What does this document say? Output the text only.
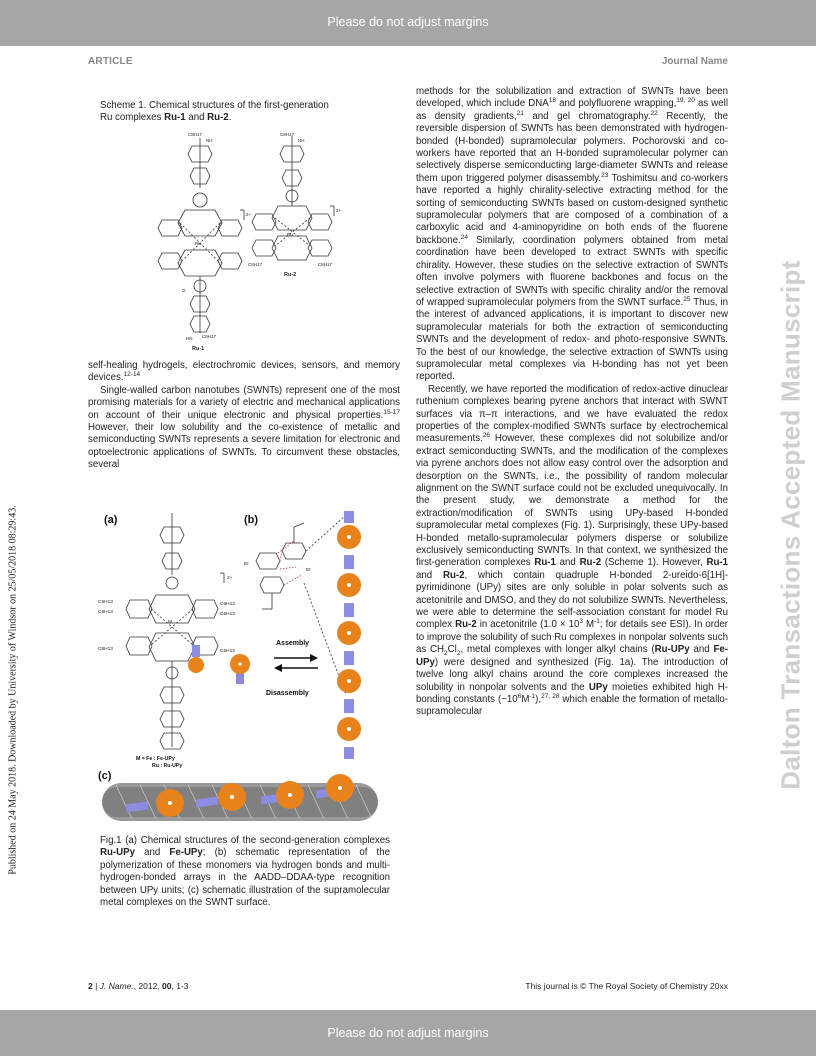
Please do not adjust margins
ARTICLE	Journal Name
Published on 24 May 2018. Downloaded by University of Windsor on 25/05/2018 08:29:43.	Dalton Transactions Accepted Manuscript
Scheme 1. Chemical structures of the first-generation Ru complexes Ru-1 and Ru-2.
C8H17
NH
Ru
2+
HN C8H17
O
C8H17
NH
Ru
2+
C8H17	C8H17
Ru-1
Ru-2

self-healing hydrogels, electrochromic devices, sensors, and memory devices.$^{12-14}$

Single-walled carbon nanotubes (SWNTs) represent one of the most promising materials for a variety of electric and mechanical applications on account of their unique electronic and physical properties.$^{15-17}$ However, their low solubility and the co-existence of metallic and semiconducting SWNTs represents a severe limitation for electronic and optoelectronic applications of SWNTs. To circumvent these obstacles, several

(a)	(b)
(c)
Assembly
Disassembly
M
2+
C6H13
C6H13
C6H13
C6H13
C6H13
C6H13
Et
Et
M = Fe : Fe-UPy
Ru : Ru-UPy
Fig.1 (a) Chemical structures of the second-generation complexes Ru-UPy and Fe-UPy; (b) schematic representation of the polymerization of these monomers via hydrogen bonds and multi-hydrogen-bonded arrays in the AADD–DDAA-type recognition between UPy units; (c) schematic illustration of the supramolecular metal complexes on the SWNT surface.

methods for the solubilization and extraction of SWNTs have been developed, which include DNA$^{18}$ and polyfluorene wrapping,$^{19, 20}$ as well as density gradients,$^{21}$ and gel chromatography.$^{22}$ Recently, the reversible dispersion of SWNTs has been demonstrated with hydrogen-bonded (H-bonded) supramolecular polymers. Pochorovski and co-workers have reported that an H-bonded supramolecular polymer can selectively disperse semiconducting large-diameter SWNTs and release them upon triggered polymer disassembly.$^{23}$ Toshimitsu and co-workers have reported a highly chirality-selective extracting method for the sorting of semiconducting SWNTs based on custom-designed synthetic supramolecular polymers that are composed of a combination of a carboxylic acid and 4-aminopyridine on both ends of the fluorene backbone.$^{24}$ Similarly, coordination polymers obtained from metal coordination have been developed to extract SWNTs with specific chirality. However, these studies on the selective extraction of SWNTs often involve polymers with fluorene backbones and focus on the selective extraction of SWNTs with specific chirality and/or the removal of wrapped supramolecular polymers from the SWNT surface.$^{25}$ Thus, in the interest of advanced applications, it is important to discover new supramolecular materials for both the extraction of semiconducting SWNTs and the development of redox- and photo-responsive SWNTs. To the best of our knowledge, the selective extraction of SWNTs using supramolecular metal complexes via H-bonding has not yet been reported.

Recently, we have reported the modification of redox-active dinuclear ruthenium complexes bearing pyrene anchors that interact with SWNT surfaces via π–π interactions, and we have evaluated the redox properties of the complex-modified SWNTs surface by electrochemical measurements.$^{26}$ However, these complexes did not solubilize and/or extract semiconducting SWNTs, and the modification of the complexes via pyrene anchors does not allow easy control over the adsorption and desorption on the SWNTs, i.e., the possibility of random molecular alignment on the SWNT surface could not be excluded unequivocally. In the present study, we demonstrate a method for the extraction/modification of SWNTs using UPy-based H-bonded supramolecular metal complexes (Fig. 1). Surprisingly, these UPy-based H-bonded metallo-supramolecular polymers disperse or solubilize exclusively semiconducting SWNTs. In that context, we synthesized the first-generation complexes Ru-1 and Ru-2 (Scheme 1). However, Ru-1 and Ru-2, which contain quadruple H-bonded 2-ureido-6[1H]-pyrimidinone (UPy) sites are only soluble in polar solvents such as acetonitrile and DMSO, and they do not solubilize SWNTs. Nevertheless, we were able to determine the self-association constant for model Ru complex Ru-2 in acetonitrile ($1.0 \times 10^3$ $M^{-1}$; for details see ESI). In order to improve the solubility of such Ru complexes in nonpolar solvents such as $CH_2Cl_2$, metal complexes with longer alkyl chains (Ru-UPy and Fe-UPy) were designed and synthesized (Fig. 1a). The introduction of twelve long alkyl chains around the core complexes increased the solubility in nonpolar solvents and the UPy moieties exhibited high H-bonding constants $(\sim 10^6M^{-1}),^{27, 28}$ which enable the formation of metallo-supramolecular

2 | J. Name., 2012, 00, 1-3	This journal is © The Royal Society of Chemistry 20xx
Please do not adjust margins
